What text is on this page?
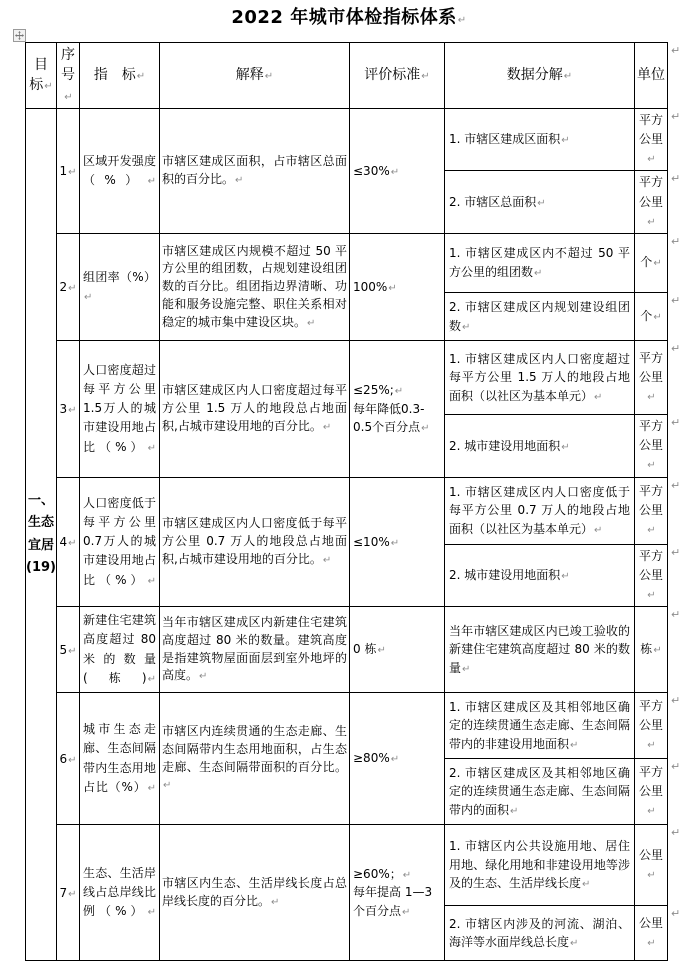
2022 年城市体检指标体系↵
目标↵	序号↵	指　标↵	解释↵	评价标准↵	数据分解↵	单位
一、生态宜居(19)	1↵	区域开发强度（%）↵	市辖区建成区面积，占市辖区总面积的百分比。↵	≤30%↵	1. 市辖区建成区面积↵	平方公里↵
					2. 市辖区总面积↵	平方公里↵
	2↵	组团率（%）↵	市辖区建成区内规模不超过 50 平方公里的组团数，占规划建设组团数的百分比。组团指边界清晰、功能和服务设施完整、职住关系相对稳定的城市集中建设区块。↵	100%↵	1. 市辖区建成区内不超过 50 平方公里的组团数↵	个↵
					2. 市辖区建成区内规划建设组团数↵	个↵
	3↵	人口密度超过每平方公里1.5万人的城市建设用地占比（%）↵	市辖区建成区内人口密度超过每平方公里 1.5 万人的地段总占地面积,占城市建设用地的百分比。↵	≤25%;↵
每年降低0.3-0.5个百分点↵	1. 市辖区建成区内人口密度超过每平方公里 1.5 万人的地段占地面积（以社区为基本单元）↵	平方公里↵
					2. 城市建设用地面积↵	平方公里↵
	4↵	人口密度低于每平方公里0.7万人的城市建设用地占比（%）↵	市辖区建成区内人口密度低于每平方公里 0.7 万人的地段总占地面积,占城市建设用地的百分比。↵	≤10%↵	1. 市辖区建成区内人口密度低于每平方公里 0.7 万人的地段占地面积（以社区为基本单元）↵	平方公里↵
					2. 城市建设用地面积↵	平方公里↵
	5↵	新建住宅建筑高度超过 80 米的数量(栋)↵	当年市辖区建成区内新建住宅建筑高度超过 80 米的数量。建筑高度是指建筑物屋面面层到室外地坪的高度。↵	0 栋↵	当年市辖区建成区内已竣工验收的新建住宅建筑高度超过 80 米的数量↵	栋↵
	6↵	城市生态走廊、生态间隔带内生态用地占比（%）↵	市辖区内连续贯通的生态走廊、生态间隔带内生态用地面积，占生态走廊、生态间隔带面积的百分比。↵	≥80%↵	1. 市辖区建成区及其相邻地区确定的连续贯通生态走廊、生态间隔带内的非建设用地面积↵	平方公里↵
					2. 市辖区建成区及其相邻地区确定的连续贯通生态走廊、生态间隔带内的面积↵	平方公里↵
	7↵	生态、生活岸线占总岸线比例（%）↵	市辖区内生态、生活岸线长度占总岸线长度的百分比。↵	≥60%；↵
每年提高 1—3 个百分点↵	1. 市辖区内公共设施用地、居住用地、绿化用地和非建设用地等涉及的生态、生活岸线长度↵	公里↵
					2. 市辖区内涉及的河流、湖泊、海洋等水面岸线总长度↵	公里↵
↵
↵
↵
↵
↵
↵
↵
↵
↵
↵
↵
↵
↵
↵
